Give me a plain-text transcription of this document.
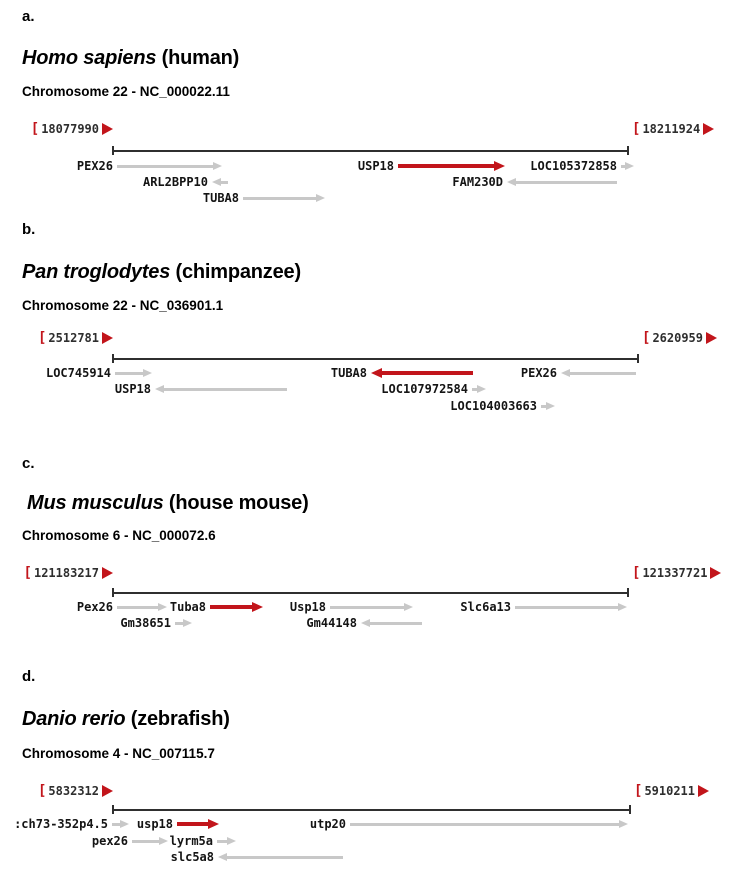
a.
Homo sapiens (human)
Chromosome 22 - NC_000022.11
[ 18077990	[ 18211924
PEX26	USP18	LOC105372858
ARL2BPP10	FAM230D
TUBA8
b.
Pan troglodytes (chimpanzee)
Chromosome 22 - NC_036901.1
[ 2512781	[ 2620959
LOC745914	TUBA8	PEX26
USP18	LOC107972584
LOC104003663
c.
Mus musculus (house mouse)
Chromosome 6 - NC_000072.6
[ 121183217	[ 121337721
Pex26	Tuba8	Usp18	Slc6a13
Gm38651	Gm44148
d.
Danio rerio (zebrafish)
Chromosome 4 - NC_007115.7
[ 5832312	[ 5910211
:ch73-352p4.5 usp18	utp20
pex26	lyrm5a
slc5a8
